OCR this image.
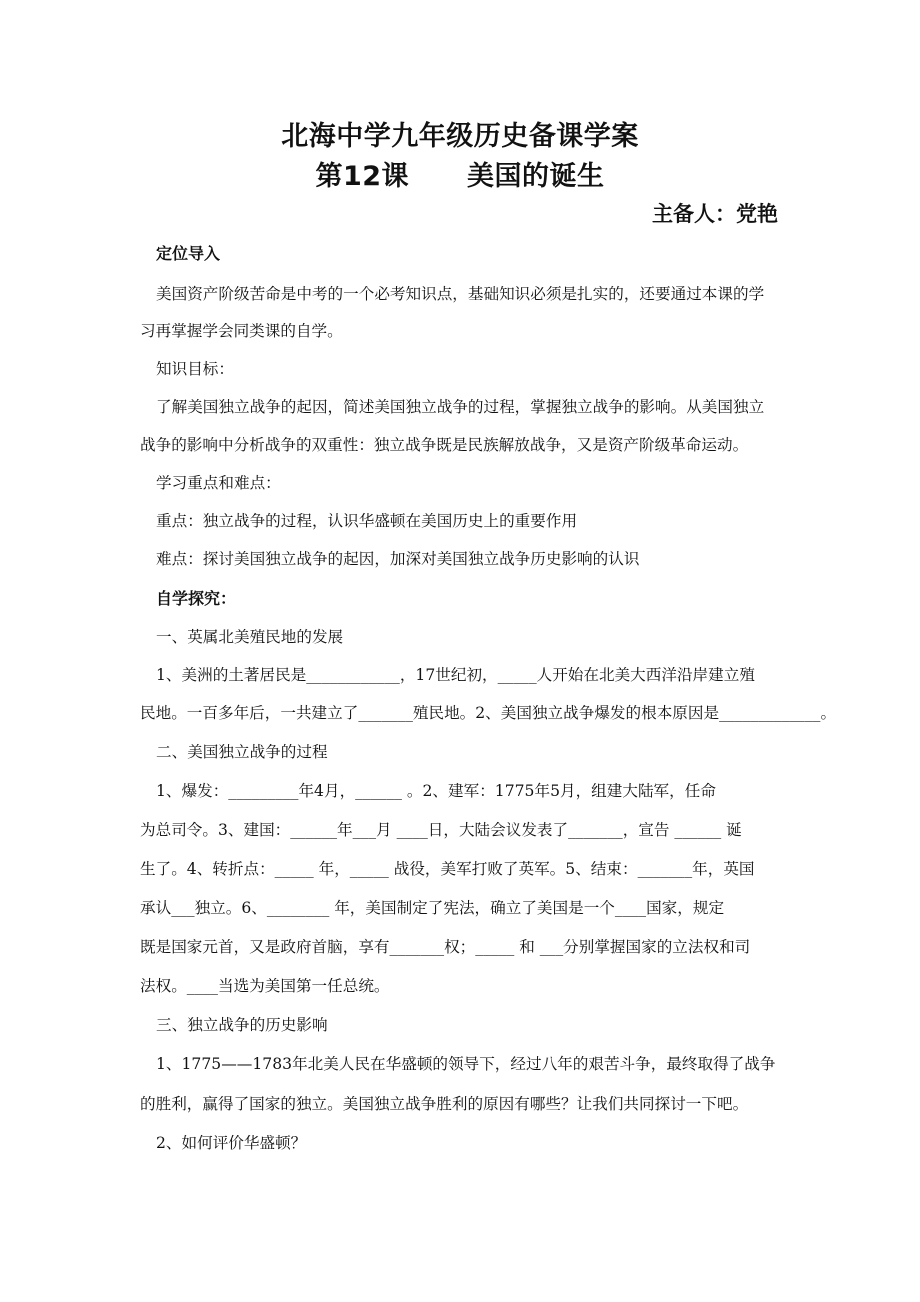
北海中学九年级历史备课学案
第12课 美国的诞生
主备人：党艳
定位导入
美国资产阶级苦命是中考的一个必考知识点，基础知识必须是扎实的，还要通过本课的学
习再掌握学会同类课的自学。
知识目标：
了解美国独立战争的起因，简述美国独立战争的过程，掌握独立战争的影响。从美国独立
战争的影响中分析战争的双重性：独立战争既是民族解放战争，又是资产阶级革命运动。
学习重点和难点：
重点：独立战争的过程，认识华盛顿在美国历史上的重要作用
难点：探讨美国独立战争的起因，加深对美国独立战争历史影响的认识
自学探究：
一、英属北美殖民地的发展
1、美洲的土著居民是____________，17世纪初，_____人开始在北美大西洋沿岸建立殖
民地。一百多年后，一共建立了_______殖民地。2、美国独立战争爆发的根本原因是_____________。
二、美国独立战争的过程
1、爆发：_________年4月，______ 。2、建军：1775年5月，组建大陆军，任命
为总司令。3、建国：______年___月 ____日，大陆会议发表了_______，宣告 ______ 诞
生了。4、转折点：_____ 年，_____ 战役，美军打败了英军。5、结束：_______年，英国
承认___独立。6、________ 年，美国制定了宪法，确立了美国是一个____国家，规定
既是国家元首，又是政府首脑，享有_______权；_____ 和 ___分别掌握国家的立法权和司
法权。____当选为美国第一任总统。
三、独立战争的历史影响
1、1775——1783年北美人民在华盛顿的领导下，经过八年的艰苦斗争，最终取得了战争
的胜利，赢得了国家的独立。美国独立战争胜利的原因有哪些？让我们共同探讨一下吧。
2、如何评价华盛顿？
